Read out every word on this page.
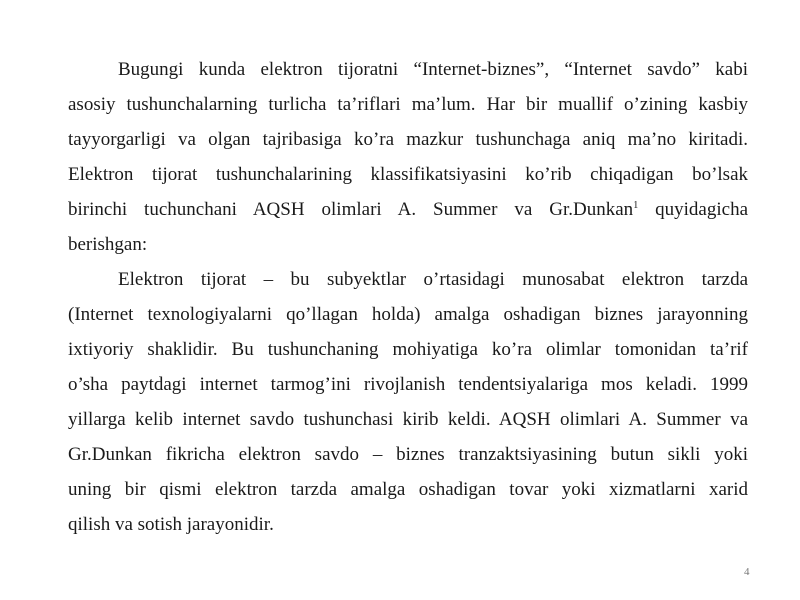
Bugungi kunda elektron tijoratni “Internet-biznes”, “Internet savdo” kabi
asosiy tushunchalarning turlicha ta’riflari ma’lum. Har bir muallif o’zining kasbiy
tayyorgarligi va olgan tajribasiga ko’ra mazkur tushunchaga aniq ma’no kiritadi.
Elektron tijorat tushunchalarining klassifikatsiyasini ko’rib chiqadigan bo’lsak
birinchi tuchunchani AQSH olimlari A. Summer va Gr.Dunkan$^1$ quyidagicha
berishgan:
Elektron tijorat – bu subyektlar o’rtasidagi munosabat elektron tarzda
(Internet texnologiyalarni qo’llagan holda) amalga oshadigan biznes jarayonning
ixtiyoriy shaklidir. Bu tushunchaning mohiyatiga ko’ra olimlar tomonidan ta’rif
o’sha paytdagi internet tarmog’ini rivojlanish tendentsiyalariga mos keladi. 1999
yillarga kelib internet savdo tushunchasi kirib keldi. AQSH olimlari A. Summer va
Gr.Dunkan fikricha elektron savdo – biznes tranzaktsiyasining butun sikli yoki
uning bir qismi elektron tarzda amalga oshadigan tovar yoki xizmatlarni xarid
qilish va sotish jarayonidir.
4
